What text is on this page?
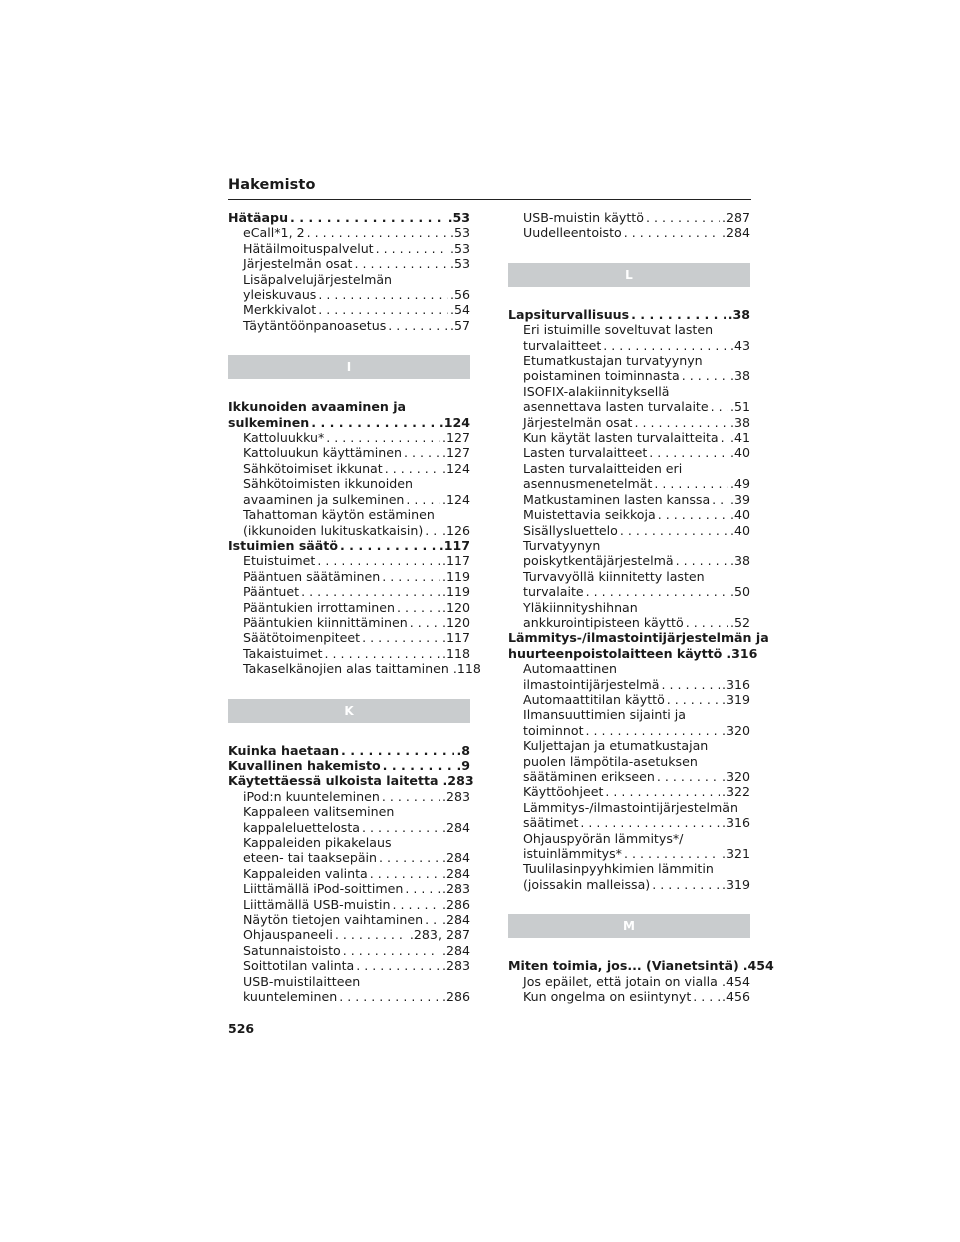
Hakemisto
Hätäapu . . .	.53
eCall*1, 2 . . .	.53
Hätäilmoituspalvelut . . .	.53
Järjestelmän osat . . .	.53
Lisäpalvelujärjestelmän
yleiskuvaus . . .	.56
Merkkivalot . . .	.54
Täytäntöönpanoasetus . . .	.57
I
Ikkunoiden avaaminen ja
sulkeminen . . .	.124
Kattoluukku* . . .	.127
Kattoluukun käyttäminen . . .	.127
Sähkötoimiset ikkunat . . .	.124
Sähkötoimisten ikkunoiden
avaaminen ja sulkeminen . . .	.124
Tahattoman käytön estäminen
(ikkunoiden lukituskatkaisin) . . . .126
Istuimien säätö . . .	.117
Etuistuimet . . .	.117
Pääntuen säätäminen . . .	.119
Pääntuet . . .	.119
Pääntukien irrottaminen . . .	.120
Pääntukien kiinnittäminen . . .	.120
Säätötoimenpiteet . . .	.117
Takaistuimet . . .	.118
Takaselkänojien alas taittaminen .118
K
Kuinka haetaan . . .	.8
Kuvallinen hakemisto . . .	.9
Käytettäessä ulkoista laitetta .283
iPod:n kuunteleminen . . .	.283
Kappaleen valitseminen
kappaleluettelosta . . .	.284
Kappaleiden pikakelaus
eteen- tai taaksepäin . . .	.284
Kappaleiden valinta . . .	.284
Liittämällä iPod-soittimen . . .	.283
Liittämällä USB-muistin . . .	.286
Näytön tietojen vaihtaminen . . . .284
Ohjauspaneeli . . .	.283, 287
Satunnaistoisto . . .	.284
Soittotilan valinta . . .	.283
USB-muistilaitteen
kuunteleminen . . .	.286
USB-muistin käyttö . . .	.287
Uudelleentoisto . . .	.284
L
Lapsiturvallisuus . . .	.38
Eri istuimille soveltuvat lasten
turvalaitteet . . .	.43
Etumatkustajan turvatyynyn
poistaminen toiminnasta . . .	.38
ISOFIX-alakiinnityksellä
asennettava lasten turvalaite . . . .51
Järjestelmän osat . . .	.38
Kun käytät lasten turvalaitteita . . . .41
Lasten turvalaitteet . . .	.40
Lasten turvalaitteiden eri
asennusmenetelmät . . .	.49
Matkustaminen lasten kanssa . . . .39
Muistettavia seikkoja . . .	.40
Sisällysluettelo . . .	.40
Turvatyynyn
poiskytkentäjärjestelmä . . .	.38
Turvavyöllä kiinnitetty lasten
turvalaite . . .	.50
Yläkiinnityshihnan
ankkurointipisteen käyttö . . .	.52
Lämmitys-/ilmastointijärjestelmän ja
huurteenpoistolaitteen käyttö .316
Automaattinen
ilmastointijärjestelmä . . .	.316
Automaattitilan käyttö . . .	.319
Ilmansuuttimien sijainti ja
toiminnot . . .	.320
Kuljettajan ja etumatkustajan
puolen lämpötila-asetuksen
säätäminen erikseen . . .	.320
Käyttöohjeet . . .	.322
Lämmitys-/ilmastointijärjestelmän
säätimet . . .	.316
Ohjauspyörän lämmitys*/
istuinlämmitys* . . .	.321
Tuulilasinpyyhkimien lämmitin
(joissakin malleissa) . . .	.319
M
Miten toimia, jos... (Vianetsintä) .454
Jos epäilet, että jotain on vialla . . . .454
Kun ongelma on esiintynyt . . . .456
526
